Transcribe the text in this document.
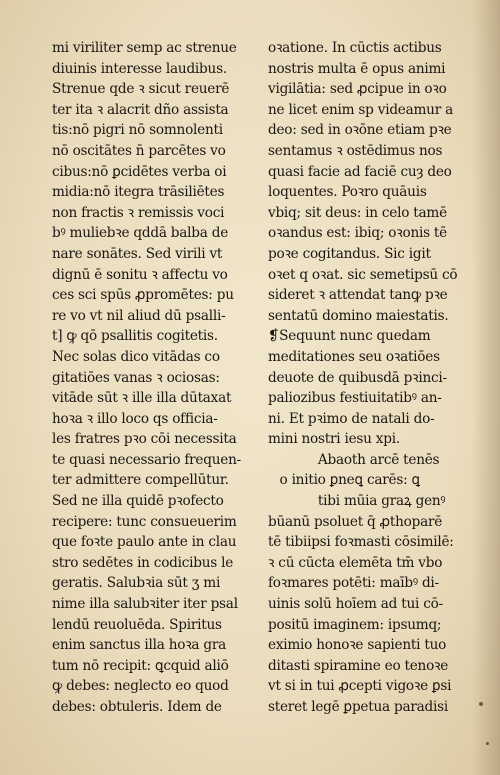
mi viriliter semp ac strenue
diuinis interesse laudibus.
Strenue qde ꝛ sicut reuerē
ter ita ꝛ alacrit dño assista
tis:nō pigri nō somnolenti
nō oscitātes n̄ parcētes vo
cibus:nō ꝑcidētes verba oi
midia:nō itegra trāsiliētes
non fractis ꝛ remissis voci
bꝰ muliebꝛe qddā balba de
nare sonātes. Sed virili vt
dignū ē sonitu ꝛ affectu vo
ces sci spūs ꝓpromētes: pu
re vo vt nil aliud dū psalli-
t] ꝙ qō psallitis cogitetis.
Nec solas dico vitādas co
gitatiōes vanas ꝛ ociosas:
vitāde sūt ꝛ ille illa dūtaxat
hoꝛa ꝛ illo loco qs officia-
les fratres pꝛo cōi necessita
te quasi necessario frequen-
ter admittere compellūtur.
Sed ne illa quidē pꝛofecto
recipere: tunc consueuerim
que foꝛte paulo ante in clau
stro sedētes in codicibus le
geratis. Salubꝛia sūt ʒ mi
nime illa salubꝛiter iter psal
lendū reuoluēda. Spiritus
enim sanctus illa hoꝛa gra
tum nō recipit: ꝗcquid aliō
ꝙ debes: neglecto eo quod
debes: obtuleris. Idem de
oꝛatione. In cūctis actibus
nostris multa ē opus animi
vigilātia: sed ꝓcipue in oꝛo
ne licet enim sp videamur a
deo: sed in oꝛōne etiam pꝛe
sentamus ꝛ ostēdimus nos
quasi facie ad faciē cuȝ deo
loquentes. Poꝛro quāuis
vbiq; sit deus: in celo tamē
oꝛandus est: ibiq; oꝛonis tē
poꝛe cogitandus. Sic igit
oꝛet q oꝛat. sic semetipsū cō
sideret ꝛ attendat tanꝙ pꝛe
sentatū domino maiestatis.
❡Sequunt nunc quedam
meditationes seu oꝛatiōes
deuote de quibusdā pꝛinci-
paliozibus festiuitatibꝰ an-
ni. Et pꝛimo de natali do-
mini nostri iesu xpi.
Abaoth arcē tenēs
o initio ꝑneꝗ carēs: ꝗ
tibi mūia graꝝ genꝰ
būanū psoluet q̄ ꝓthoparē
tē tibiipsi foꝛmasti cōsimilē:
ꝛ cū cūcta elemēta tm̄ vbo
foꝛmares potēti: maībꝰ di-
uinis solū hoīem ad tui cō-
positū imaginem: ipsumq;
eximio honoꝛe sapienti tuo
ditasti spiramine eo tenoꝛe
vt si in tui ꝓcepti vigoꝛe ꝑsi
steret legē ꝑpetua paradisi
